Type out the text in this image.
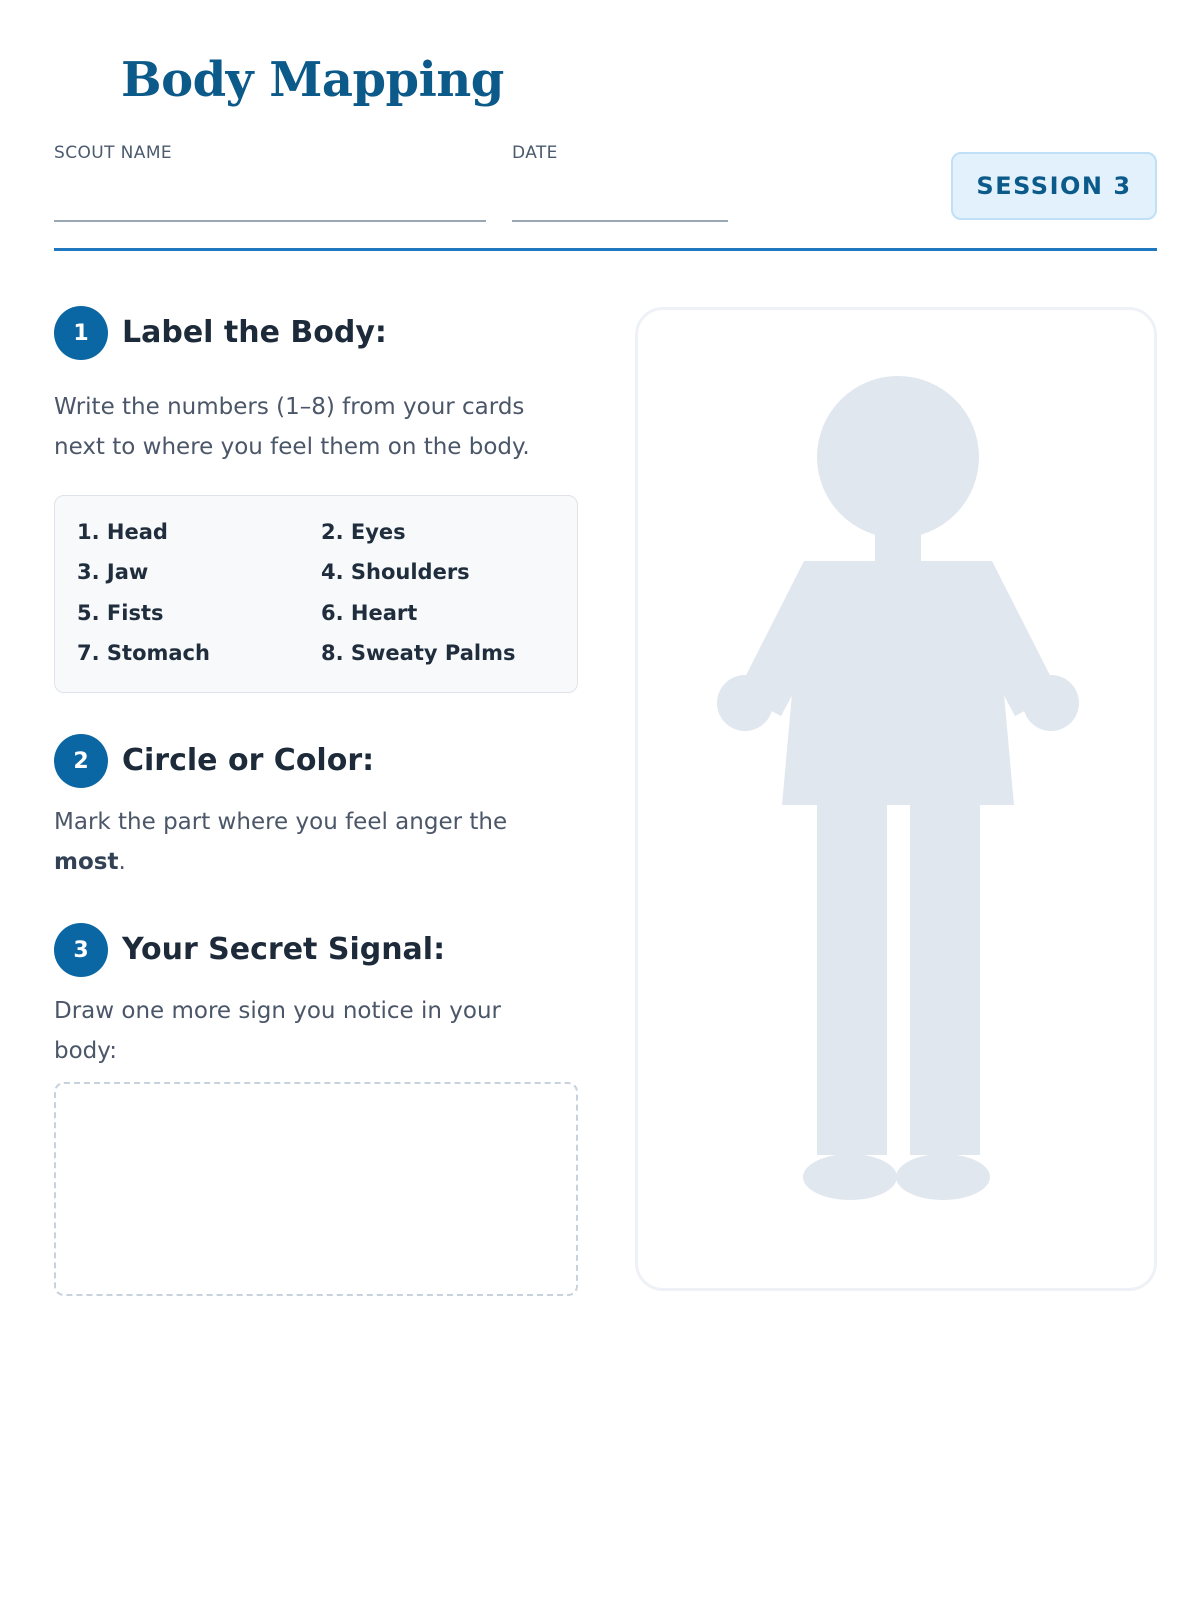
Body Mapping
SCOUT NAME	DATE
SESSION 3
1	Label the Body:

Write the numbers (1–8) from your cards next to where you feel them on the body.

1. Head	2. Eyes
3. Jaw	4. Shoulders
5. Fists	6. Heart
7. Stomach	8. Sweaty Palms
2	Circle or Color:

Mark the part where you feel anger the most.

3	Your Secret Signal:

Draw one more sign you notice in your body:
